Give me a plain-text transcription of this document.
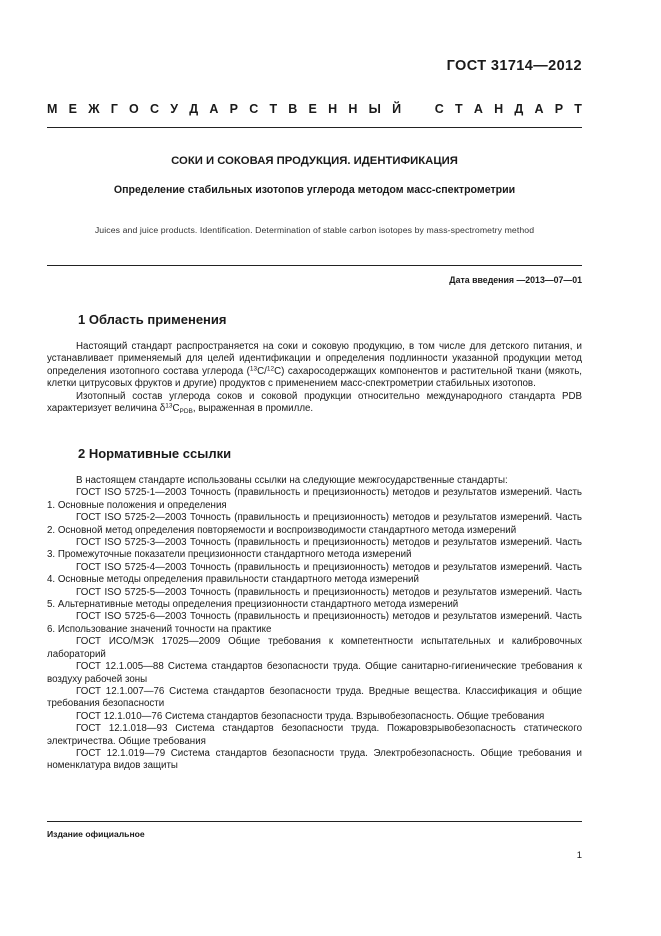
ГОСТ 31714—2012
М Е Ж Г О С У Д А Р С Т В Е Н Н Ы Й	С Т А Н Д А Р Т
СОКИ И СОКОВАЯ ПРОДУКЦИЯ. ИДЕНТИФИКАЦИЯ
Определение стабильных изотопов углерода методом масс-спектрометрии
Juices and juice products. Identification. Determination of stable carbon isotopes by mass-spectrometry method
Дата введения —2013—07—01
1 Область применения

Настоящий стандарт распространяется на соки и соковую продукцию, в том числе для детского питания, и устанавливает применяемый для целей идентификации и определения подлинности указанной продукции метод определения изотопного состава углерода ($^{13}$C/$^{12}$C) сахаросодержащих компонентов и растительной ткани (мякоть, клетки цитрусовых фруктов и другие) продуктов с применением масс-спектрометрии стабильных изотопов.

Изотопный состав углерода соков и соковой продукции относительно международного стандарта PDB характеризует величина $\delta^{13}C_{PDB}$, выраженная в промилле.

2 Нормативные ссылки

В настоящем стандарте использованы ссылки на следующие межгосударственные стандарты:

ГОСТ ISO 5725-1—2003 Точность (правильность и прецизионность) методов и результатов измерений. Часть 1. Основные положения и определения

ГОСТ ISO 5725-2—2003 Точность (правильность и прецизионность) методов и результатов измерений. Часть 2. Основной метод определения повторяемости и воспроизводимости стандартного метода измерений

ГОСТ ISO 5725-3—2003 Точность (правильность и прецизионность) методов и результатов измерений. Часть 3. Промежуточные показатели прецизионности стандартного метода измерений

ГОСТ ISO 5725-4—2003 Точность (правильность и прецизионность) методов и результатов измерений. Часть 4. Основные методы определения правильности стандартного метода измерений

ГОСТ ISO 5725-5—2003 Точность (правильность и прецизионность) методов и результатов измерений. Часть 5. Альтернативные методы определения прецизионности стандартного метода измерений

ГОСТ ISO 5725-6—2003 Точность (правильность и прецизионность) методов и результатов измерений. Часть 6. Использование значений точности на практике

ГОСТ ИСО/МЭК 17025—2009 Общие требования к компетентности испытательных и калибровочных лабораторий

ГОСТ 12.1.005—88 Система стандартов безопасности труда. Общие санитарно-гигиенические требования к воздуху рабочей зоны

ГОСТ 12.1.007—76 Система стандартов безопасности труда. Вредные вещества. Классификация и общие требования безопасности

ГОСТ 12.1.010—76 Система стандартов безопасности труда. Взрывобезопасность. Общие требования

ГОСТ 12.1.018—93 Система стандартов безопасности труда. Пожаровзрывобезопасность статического электричества. Общие требования

ГОСТ 12.1.019—79 Система стандартов безопасности труда. Электробезопасность. Общие требования и номенклатура видов защиты

Издание официальное
1
